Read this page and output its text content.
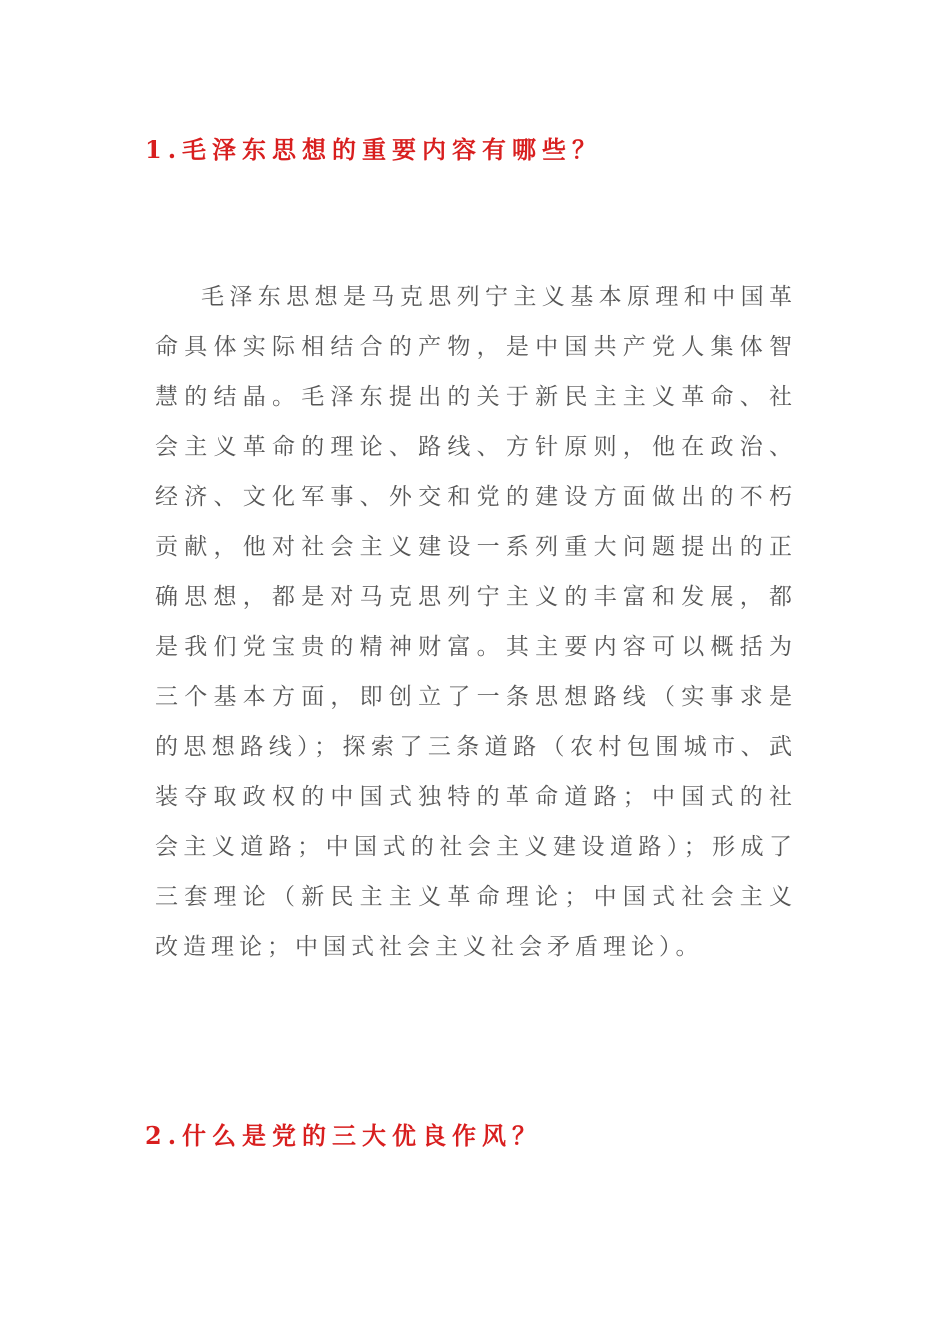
1.毛泽东思想的重要内容有哪些？

毛泽东思想是马克思列宁主义基本原理和中国革命具体实际相结合的产物，是中国共产党人集体智慧的结晶。毛泽东提出的关于新民主主义革命、社会主义革命的理论、路线、方针原则，他在政治、经济、文化军事、外交和党的建设方面做出的不朽贡献，他对社会主义建设一系列重大问题提出的正确思想，都是对马克思列宁主义的丰富和发展，都是我们党宝贵的精神财富。其主要内容可以概括为三个基本方面，即创立了一条思想路线（实事求是的思想路线）；探索了三条道路（农村包围城市、武装夺取政权的中国式独特的革命道路；中国式的社会主义道路；中国式的社会主义建设道路）；形成了三套理论（新民主主义革命理论；中国式社会主义改造理论；中国式社会主义社会矛盾理论）。

2.什么是党的三大优良作风？
